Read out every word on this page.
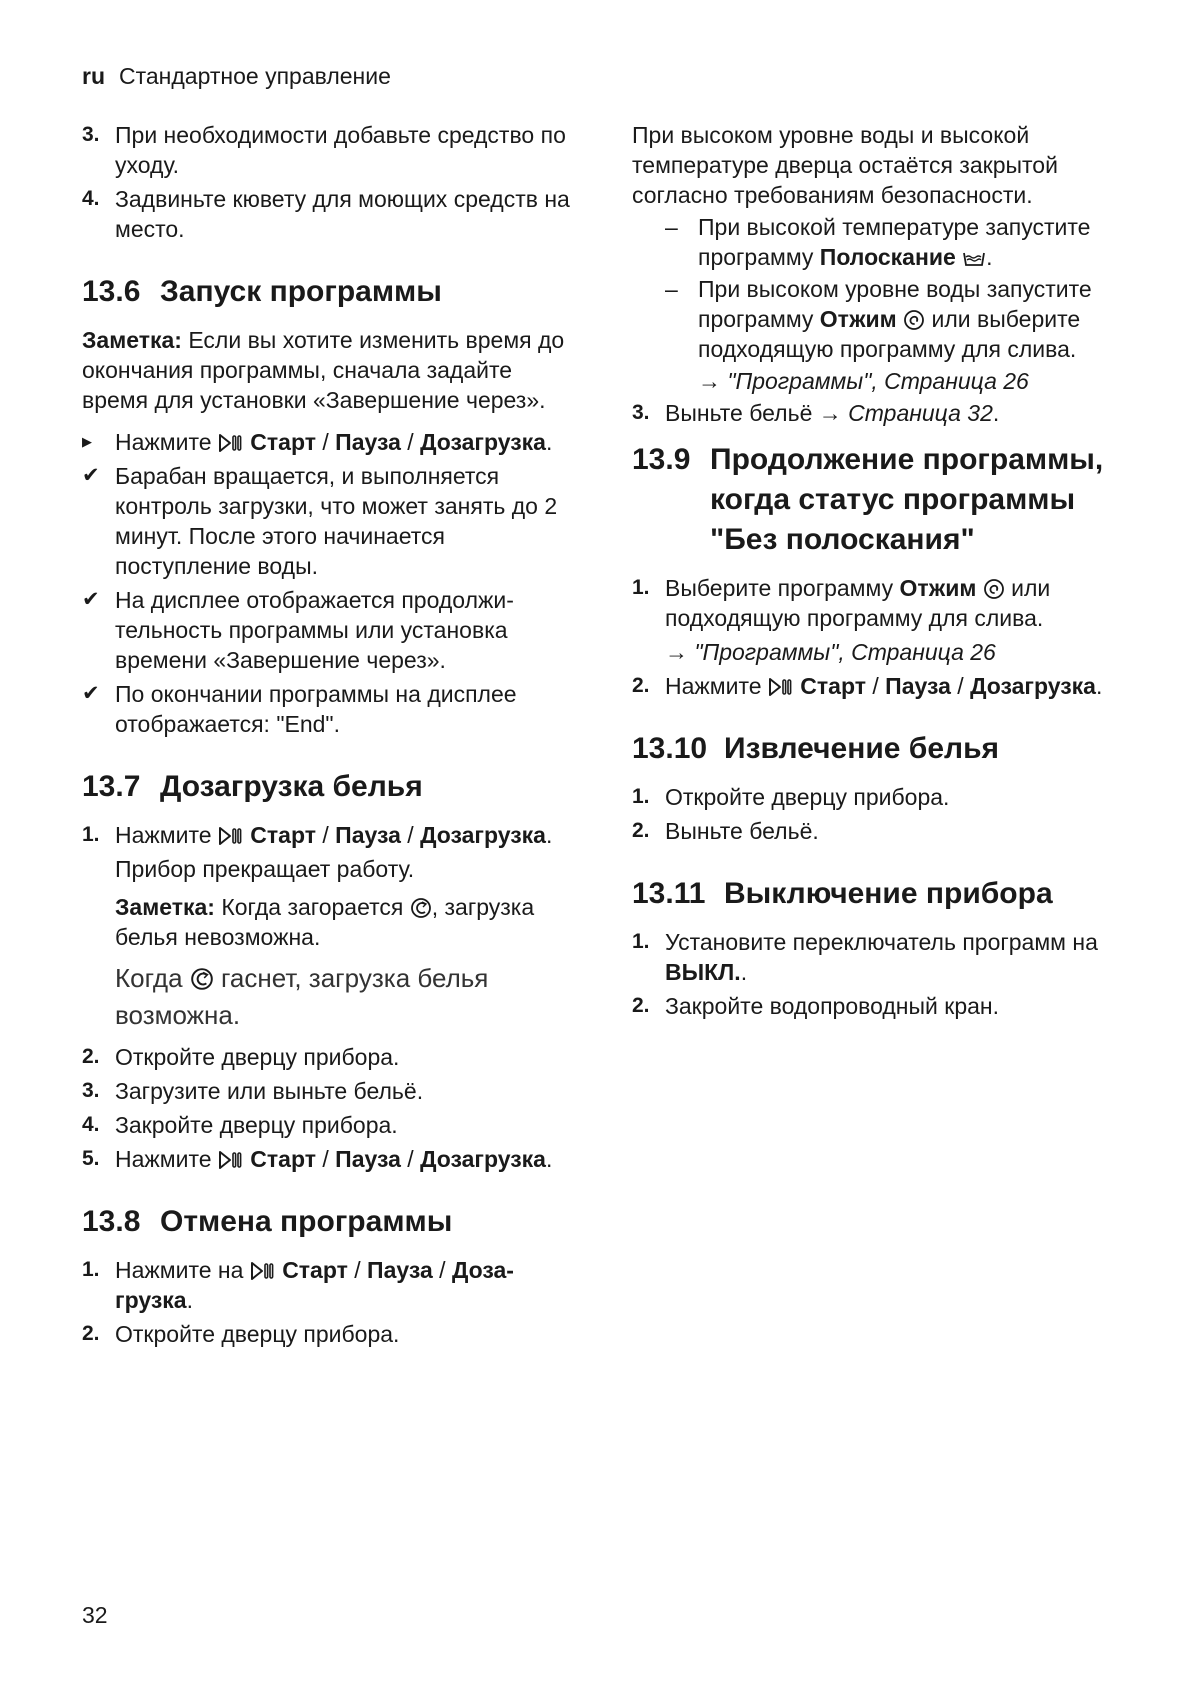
ru Стандартное управление
3. При необходимости добавьте средство по уходу.
4. Задвиньте кювету для моющих средств на место.
13.6 Запуск программы

Заметка: Если вы хотите изменить время до окончания программы, сначала задайте время для установки «Завершение через».

▶ Нажмите  Старт / Пауза / Дозагрузка.
✔ Барабан вращается, и выполняется контроль загрузки, что может занять до 2 минут. После этого начинается поступление воды.
✔ На дисплее отображается продолжительность программы или установка времени «Завершение через».
✔ По окончании программы на дисплее отображается: "End".
13.7 Дозагрузка белья
1. Нажмите  Старт / Пауза / Дозагрузка.

Прибор прекращает работу.

Заметка: Когда загорается , загрузка белья невозможна.

Когда  гаснет, загрузка белья возможна.

2. Откройте дверцу прибора.
3. Загрузите или выньте бельё.
4. Закройте дверцу прибора.
5. Нажмите  Старт / Пауза / Дозагрузка.
13.8 Отмена программы
1. Нажмите на  Старт / Пауза / Дозагрузка.
2. Откройте дверцу прибора.

При высоком уровне воды и высокой температуре дверца остаётся закрытой согласно требованиям безопасности.

– При высокой температуре запустите программу Полоскание .
– При высоком уровне воды запустите программу Отжим  или выберите подходящую программу для слива.

→ "Программы", Страница 26

3. Выньте бельё → Страница 32.
13.9 Продолжение программы, когда статус программы "Без полоскания"
1. Выберите программу Отжим  или подходящую программу для слива.

→ "Программы", Страница 26

2. Нажмите  Старт / Пауза / Дозагрузка.
13.10 Извлечение белья
1. Откройте дверцу прибора.
2. Выньте бельё.
13.11 Выключение прибора
1. Установите переключатель программ на ВЫКЛ..
2. Закройте водопроводный кран.
32
